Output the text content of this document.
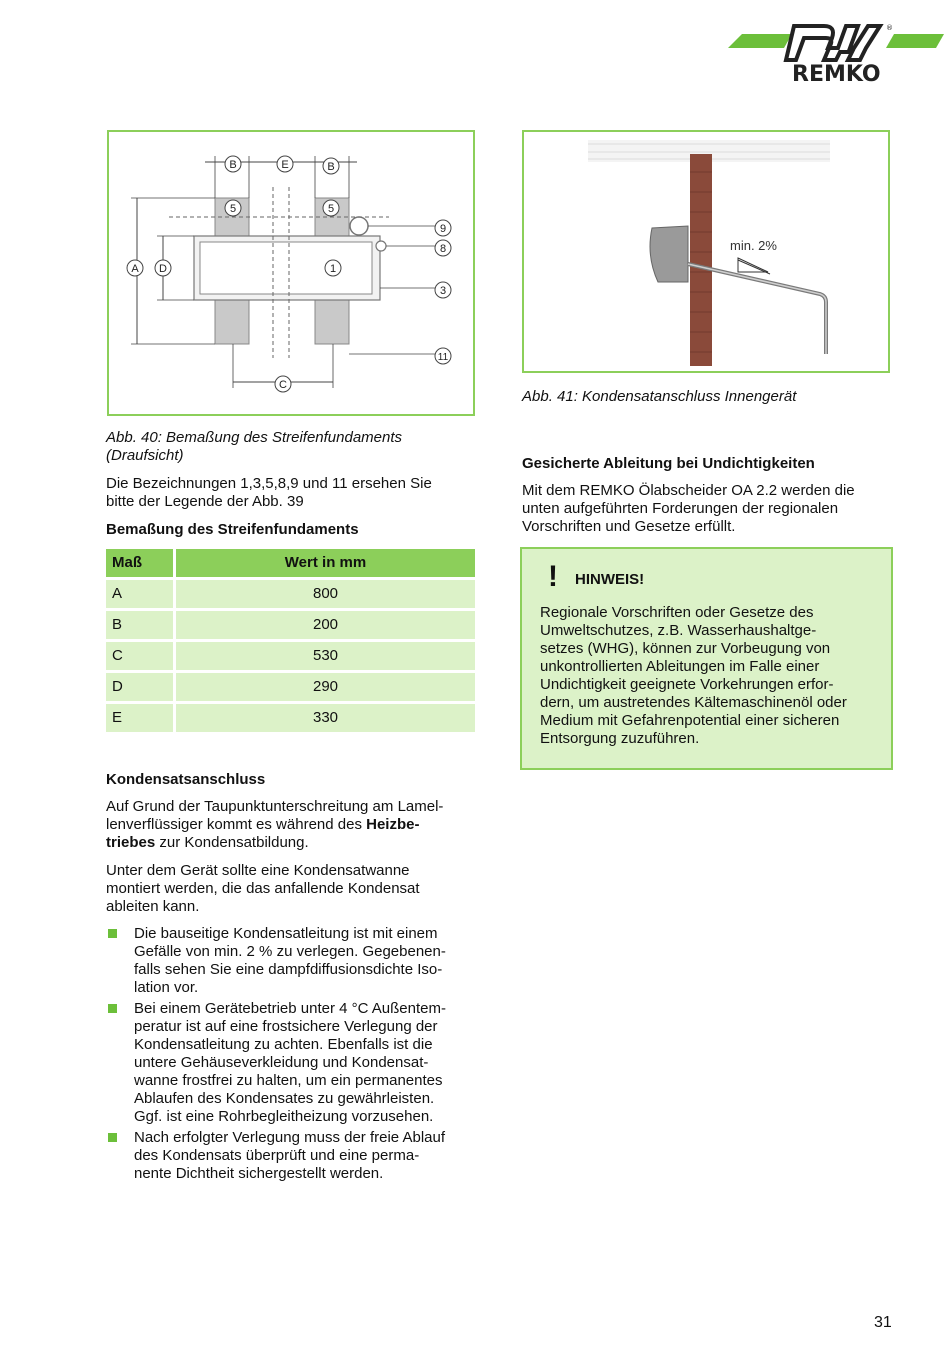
®
REMKO
B	E	B
A D
C
5	5
1
9
8
3
11
min. 2%
Abb. 40: Bemaßung des Streifenfundaments
(Draufsicht)
Abb. 41: Kondensatanschluss Innengerät
Die Bezeichnungen 1,3,5,8,9 und 11 ersehen Sie
bitte der Legende der Abb. 39
Bemaßung des Streifenfundaments
Maß	Wert in mm
A	800
B	200
C	530
D	290
E	330
Kondensatsanschluss
Auf Grund der Taupunktunterschreitung am Lamel-
lenverflüssiger kommt es während des Heizbe-
triebes zur Kondensatbildung.
Unter dem Gerät sollte eine Kondensatwanne
montiert werden, die das anfallende Kondensat
ableiten kann.
Die bauseitige Kondensatleitung ist mit einem
Gefälle von min. 2 % zu verlegen. Gegebenen-
falls sehen Sie eine dampfdiffusionsdichte Iso-
lation vor.
Bei einem Gerätebetrieb unter 4 °C Außentem-
peratur ist auf eine frostsichere Verlegung der
Kondensatleitung zu achten. Ebenfalls ist die
untere Gehäuseverkleidung und Kondensat-
wanne frostfrei zu halten, um ein permanentes
Ablaufen des Kondensates zu gewährleisten.
Ggf. ist eine Rohrbegleitheizung vorzusehen.
Nach erfolgter Verlegung muss der freie Ablauf
des Kondensats überprüft und eine perma-
nente Dichtheit sichergestellt werden.
Gesicherte Ableitung bei Undichtigkeiten
Mit dem REMKO Ölabscheider OA 2.2 werden die
unten aufgeführten Forderungen der regionalen
Vorschriften und Gesetze erfüllt.
! HINWEIS!
Regionale Vorschriften oder Gesetze des
Umweltschutzes, z.B. Wasserhaushaltge-
setzes (WHG), können zur Vorbeugung von
unkontrollierten Ableitungen im Falle einer
Undichtigkeit geeignete Vorkehrungen erfor-
dern, um austretendes Kältemaschinenöl oder
Medium mit Gefahrenpotential einer sicheren
Entsorgung zuzuführen.
31
